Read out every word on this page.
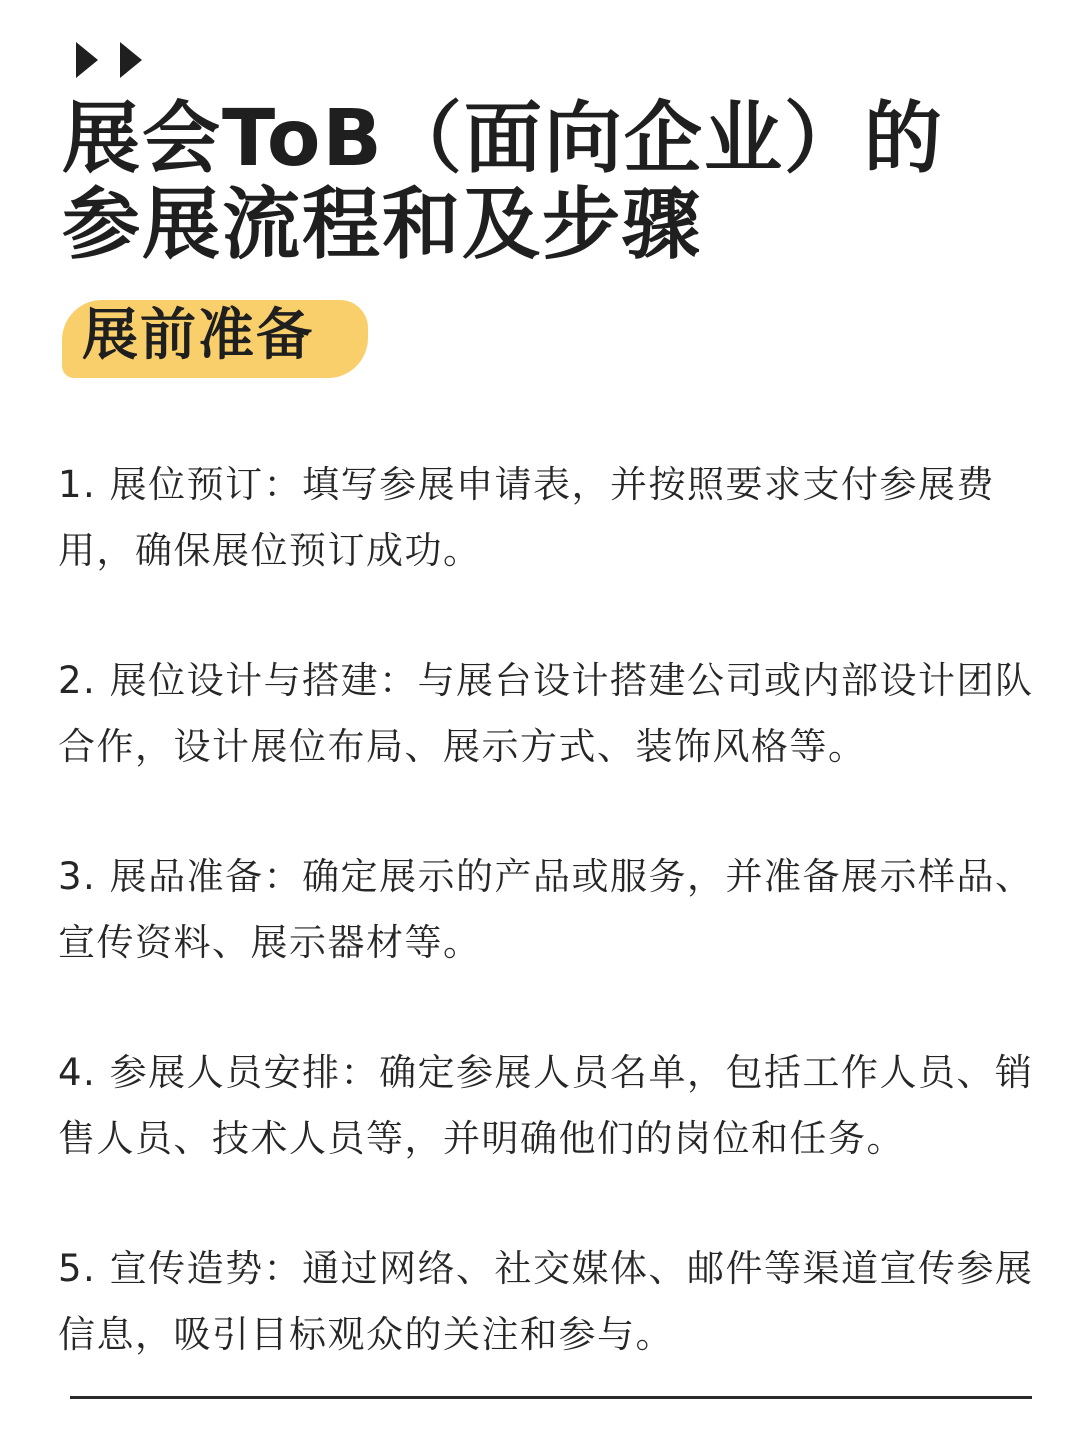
展会ToB（面向企业）的
参展流程和及步骤
展前准备
1. 展位预订：填写参展申请表，并按照要求支付参展费用，确保展位预订成功。
2. 展位设计与搭建：与展台设计搭建公司或内部设计团队合作，设计展位布局、展示方式、装饰风格等。
3. 展品准备：确定展示的产品或服务，并准备展示样品、宣传资料、展示器材等。
4. 参展人员安排：确定参展人员名单，包括工作人员、销售人员、技术人员等，并明确他们的岗位和任务。
5. 宣传造势：通过网络、社交媒体、邮件等渠道宣传参展信息，吸引目标观众的关注和参与。
